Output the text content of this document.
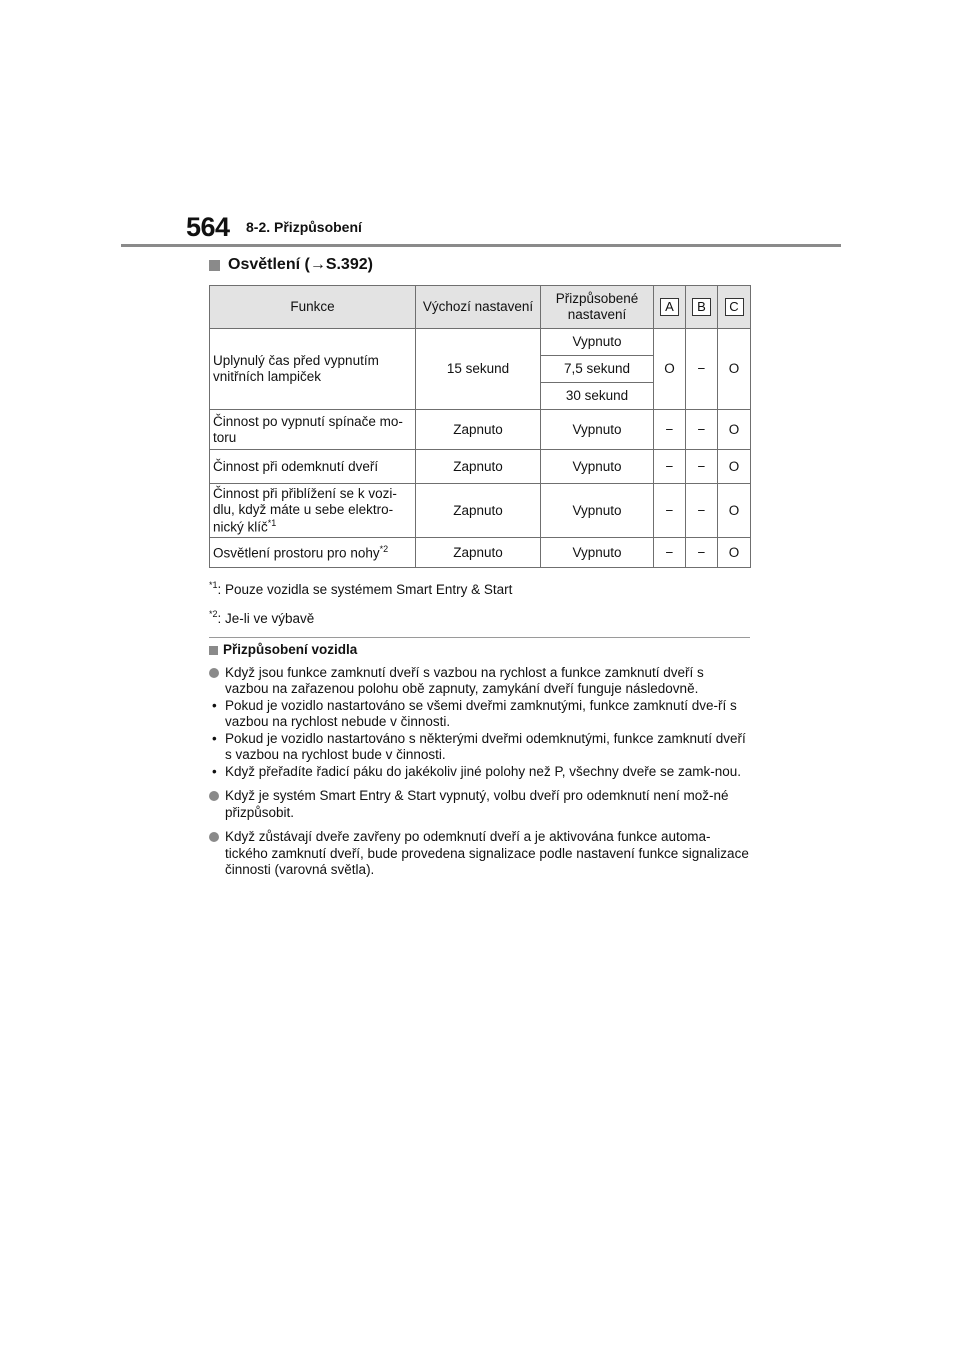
564 8-2. Přizpůsobení
Osvětlení ( → S.392 )
Funkce	Výchozí nastavení	Přizpůsobené nastavení	A	B	C
Uplynulý čas před vypnutím vnitřních lampiček	15 sekund	Vypnuto	O	−	O
		7,5 sekund			
		30 sekund			
Činnost po vypnutí spínače mo-toru	Zapnuto	Vypnuto	−	−	O
Činnost při odemknutí dveří	Zapnuto	Vypnuto	−	−	O
Činnost při přiblížení se k vozi-dlu, když máte u sebe elektro-nický klíč$^{*1}$	Zapnuto	Vypnuto	−	−	O
Osvětlení prostoru pro nohy$^{*2}$	Zapnuto	Vypnuto	−	−	O
$^{*1}$: Pouze vozidla se systémem Smart Entry & Start
$^{*2}$: Je-li ve výbavě
Přizpůsobení vozidla
Když jsou funkce zamknutí dveří s vazbou na rychlost a funkce zamknutí dveří s vazbou na zařazenou polohu obě zapnuty, zamykání dveří funguje následovně.
• Pokud je vozidlo nastartováno se všemi dveřmi zamknutými, funkce zamknutí dve-ří s vazbou na rychlost nebude v činnosti.
• Pokud je vozidlo nastartováno s některými dveřmi odemknutými, funkce zamknutí dveří s vazbou na rychlost bude v činnosti.
• Když přeřadíte řadicí páku do jakékoliv jiné polohy než P, všechny dveře se zamk-nou.
Když je systém Smart Entry & Start vypnutý, volbu dveří pro odemknutí není mož-né přizpůsobit.
Když zůstávají dveře zavřeny po odemknutí dveří a je aktivována funkce automa-tického zamknutí dveří, bude provedena signalizace podle nastavení funkce signalizace činnosti (varovná světla).
